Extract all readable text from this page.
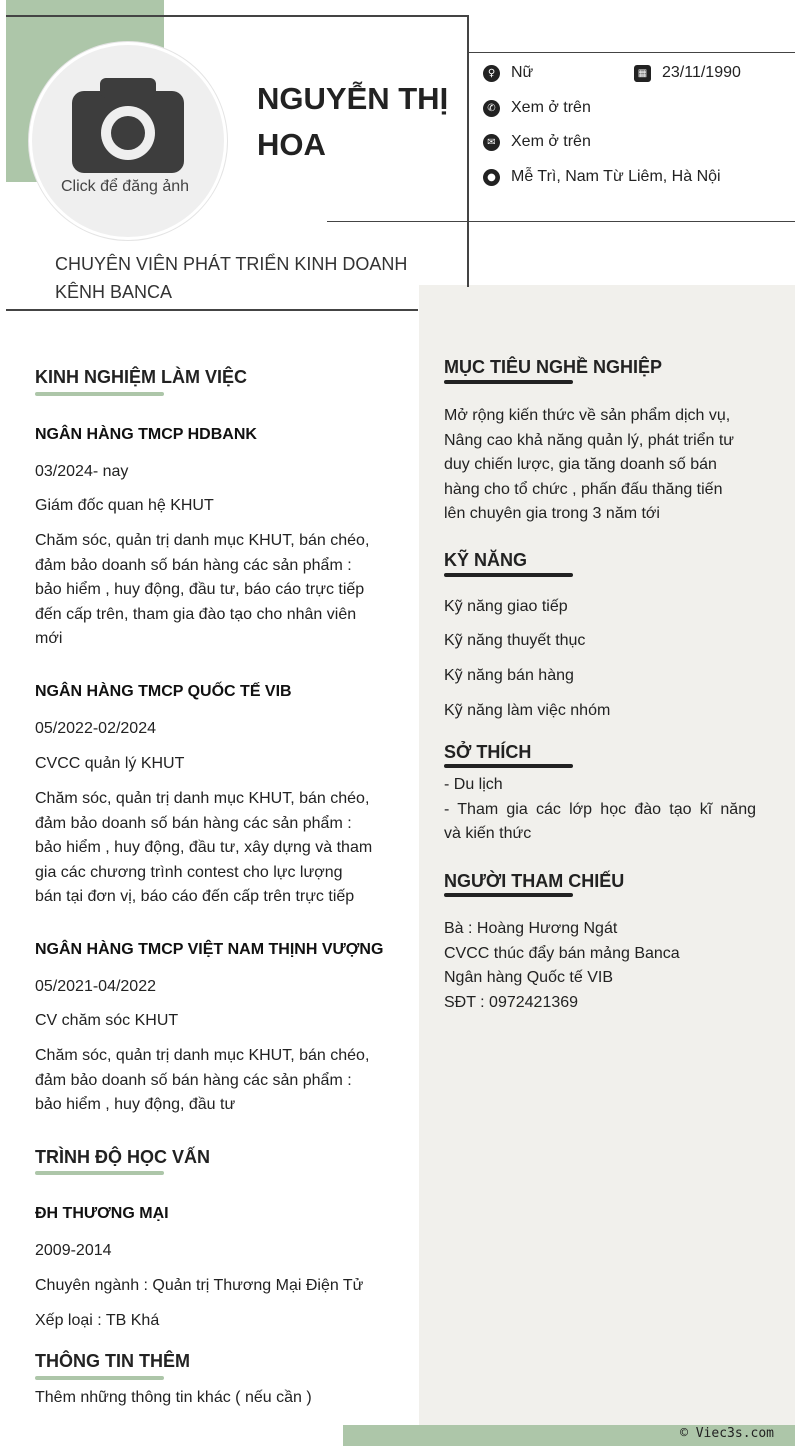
© Viec3s.com
Click để đăng ảnh
NGUYỄN THỊ
HOA
CHUYÊN VIÊN PHÁT TRIỂN KINH DOANH
KÊNH BANCA
♀ Nữ	▦ 23/11/1990
✆ Xem ở trên
✉ Xem ở trên
● Mễ Trì, Nam Từ Liêm, Hà Nội
KINH NGHIỆM LÀM VIỆC
NGÂN HÀNG TMCP HDBANK
03/2024- nay
Giám đốc quan hệ KHUT
Chăm sóc, quản trị danh mục KHUT, bán chéo,
đảm bảo doanh số bán hàng các sản phẩm :
bảo hiểm , huy động, đầu tư, báo cáo trực tiếp
đến cấp trên, tham gia đào tạo cho nhân viên
mới
NGÂN HÀNG TMCP QUỐC TẾ VIB
05/2022-02/2024
CVCC quản lý KHUT
Chăm sóc, quản trị danh mục KHUT, bán chéo,
đảm bảo doanh số bán hàng các sản phẩm :
bảo hiểm , huy động, đầu tư, xây dựng và tham
gia các chương trình contest cho lực lượng
bán tại đơn vị, báo cáo đến cấp trên trực tiếp
NGÂN HÀNG TMCP VIỆT NAM THỊNH VƯỢNG
05/2021-04/2022
CV chăm sóc KHUT
Chăm sóc, quản trị danh mục KHUT, bán chéo,
đảm bảo doanh số bán hàng các sản phẩm :
bảo hiểm , huy động, đầu tư
TRÌNH ĐỘ HỌC VẤN
ĐH THƯƠNG MẠI
2009-2014
Chuyên ngành : Quản trị Thương Mại Điện Tử
Xếp loại : TB Khá
THÔNG TIN THÊM
Thêm những thông tin khác ( nếu cần )
MỤC TIÊU NGHỀ NGHIỆP
Mở rộng kiến thức về sản phẩm dịch vụ,
Nâng cao khả năng quản lý, phát triển tư
duy chiến lược, gia tăng doanh số bán
hàng cho tổ chức , phấn đấu thăng tiến
lên chuyên gia trong 3 năm tới
KỸ NĂNG
Kỹ năng giao tiếp
Kỹ năng thuyết thục
Kỹ năng bán hàng
Kỹ năng làm việc nhóm
SỞ THÍCH
- Du lịch
- Tham gia các lớp học đào tạo kĩ năng
và kiến thức
NGƯỜI THAM CHIẾU
Bà : Hoàng Hương Ngát
CVCC thúc đẩy bán mảng Banca
Ngân hàng Quốc tế VIB
SĐT : 0972421369
